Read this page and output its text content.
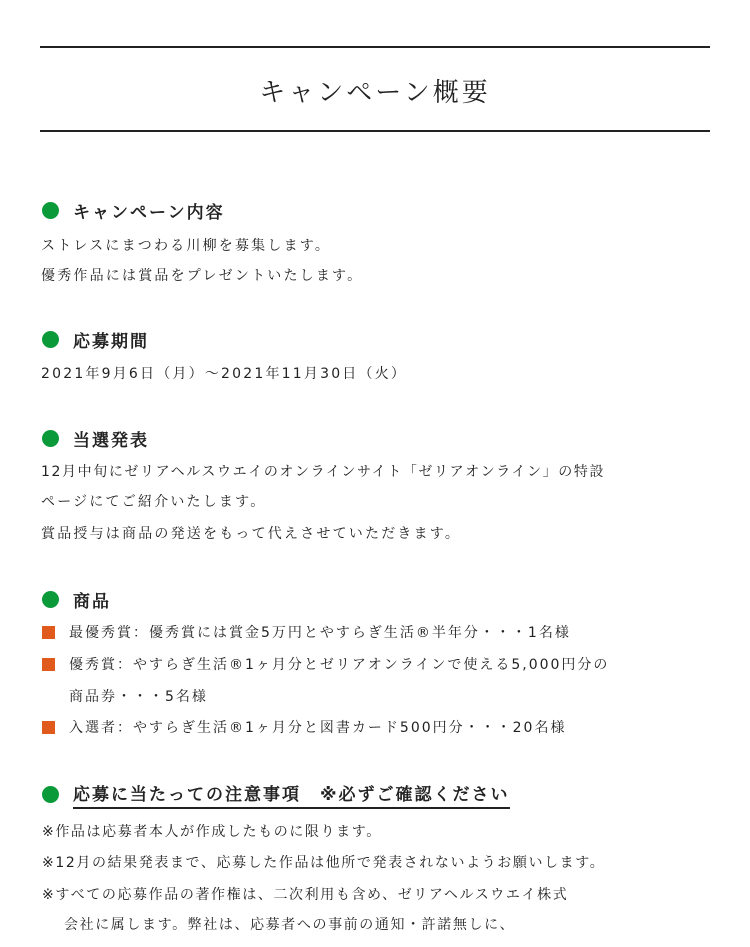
キャンペーン概要
キャンペーン内容
ストレスにまつわる川柳を募集します。
優秀作品には賞品をプレゼントいたします。
応募期間
2021年9月6日（月）～2021年11月30日（火）
当選発表
12月中旬にゼリアヘルスウエイのオンラインサイト「ゼリアオンライン」の特設
ページにてご紹介いたします。
賞品授与は商品の発送をもって代えさせていただきます。
商品
最優秀賞：優秀賞には賞金5万円とやすらぎ生活®半年分・・・1名様
優秀賞：やすらぎ生活®1ヶ月分とゼリアオンラインで使える5,000円分の
商品券・・・5名様
入選者：やすらぎ生活®1ヶ月分と図書カード500円分・・・20名様
応募に当たっての注意事項　※必ずご確認ください
※作品は応募者本人が作成したものに限ります。
※12月の結果発表まで、応募した作品は他所で発表されないようお願いします。
※すべての応募作品の著作権は、二次利用も含め、ゼリアヘルスウエイ株式
会社に属します。弊社は、応募者への事前の通知・許諾無しに、
